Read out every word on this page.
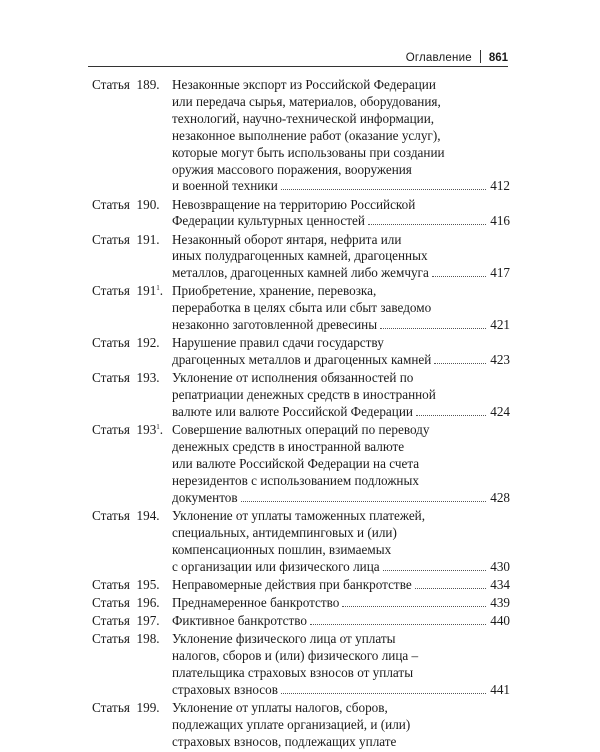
Оглавление 861
Статья 189. Незаконные экспорт из Российской Федерации
или передача сырья, материалов, оборудования,
технологий, научно-технической информации,
незаконное выполнение работ (оказание услуг),
которые могут быть использованы при создании
оружия массового поражения, вооружения
и военной техники	412
Статья 190. Невозвращение на территорию Российской
Федерации культурных ценностей	416
Статья 191. Незаконный оборот янтаря, нефрита или
иных полудрагоценных камней, драгоценных
металлов, драгоценных камней либо жемчуга	417
Статья $191^1$. Приобретение, хранение, перевозка,
переработка в целях сбыта или сбыт заведомо
незаконно заготовленной древесины	421
Статья 192. Нарушение правил сдачи государству
драгоценных металлов и драгоценных камней	423
Статья 193. Уклонение от исполнения обязанностей по
репатриации денежных средств в иностранной
валюте или валюте Российской Федерации	424
Статья $193^1$. Совершение валютных операций по переводу
денежных средств в иностранной валюте
или валюте Российской Федерации на счета
нерезидентов с использованием подложных
документов	428
Статья 194. Уклонение от уплаты таможенных платежей,
специальных, антидемпинговых и (или)
компенсационных пошлин, взимаемых
с организации или физического лица	430
Статья 195. Неправомерные действия при банкротстве	434
Статья 196. Преднамеренное банкротство	439
Статья 197. Фиктивное банкротство	440
Статья 198. Уклонение физического лица от уплаты
налогов, сборов и (или) физического лица –
плательщика страховых взносов от уплаты
страховых взносов	441
Статья 199. Уклонение от уплаты налогов, сборов,
подлежащих уплате организацией, и (или)
страховых взносов, подлежащих уплате
